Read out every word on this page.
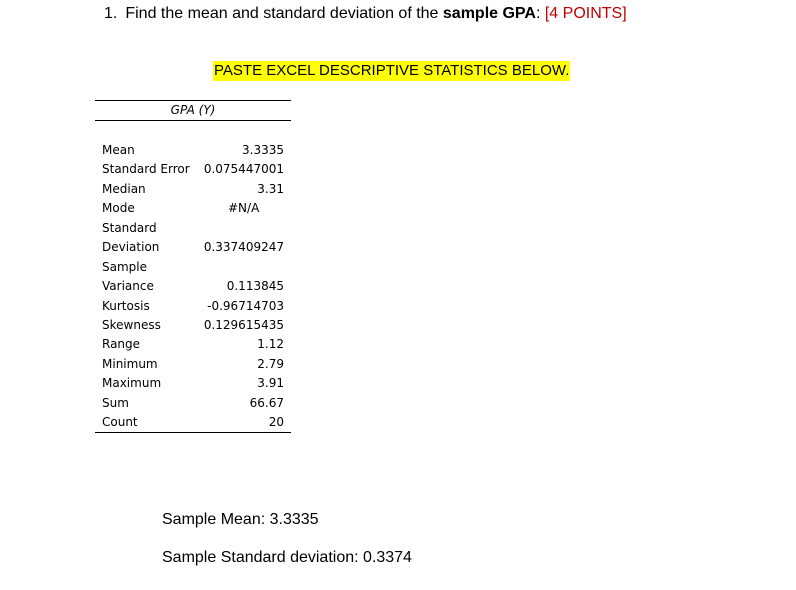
1. Find the mean and standard deviation of the sample GPA: [4 POINTS]
PASTE EXCEL DESCRIPTIVE STATISTICS BELOW.
GPA (Y)
Mean	3.3335
Standard Error 0.075447001
Median	3.31
Mode	#N/A
Standard
Deviation	0.337409247
Sample
Variance	0.113845
Kurtosis	-0.96714703
Skewness	0.129615435
Range	1.12
Minimum	2.79
Maximum	3.91
Sum	66.67
Count	20
Sample Mean: 3.3335
Sample Standard deviation: 0.3374
